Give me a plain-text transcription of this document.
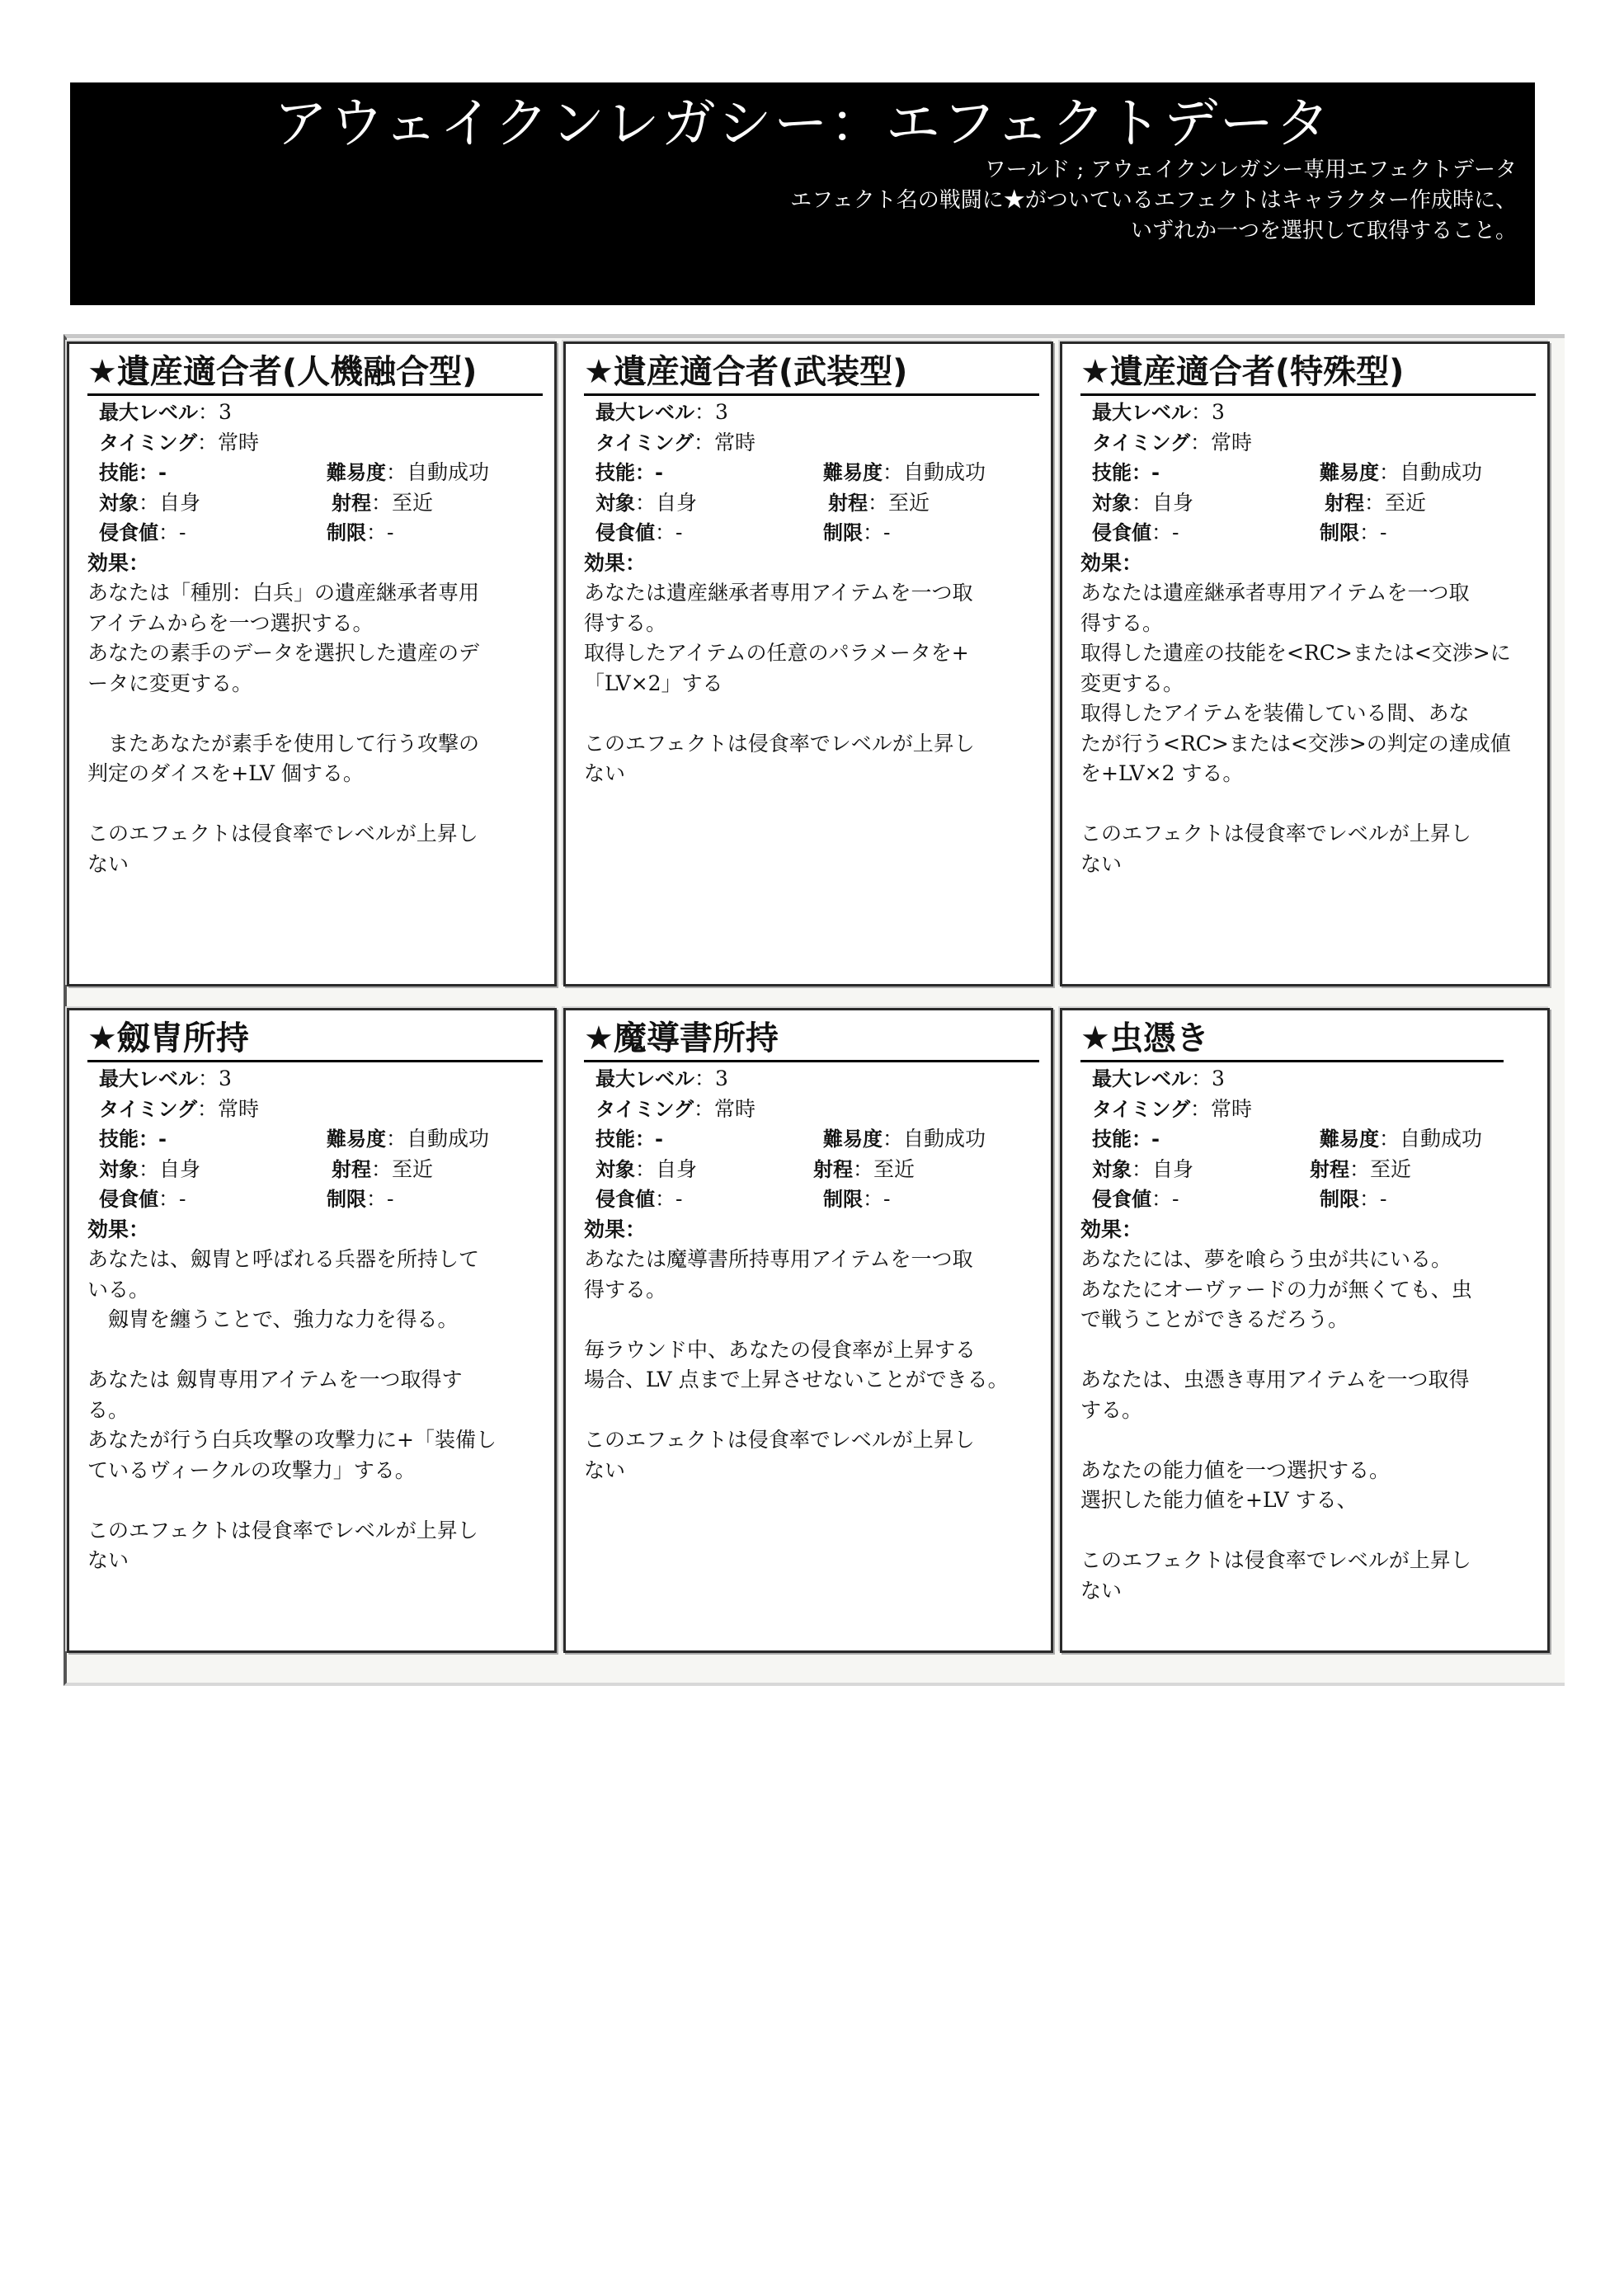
アウェイクンレガシー：エフェクトデータ
ワールド ; アウェイクンレガシー専用エフェクトデータ
エフェクト名の戦闘に★がついているエフェクトはキャラクター作成時に、
いずれか一つを選択して取得すること。
★遺産適合者(人機融合型)
最大レベル：3
タイミング：常時
技能：-	難易度：自動成功
対象：自身	射程：至近
侵食値：-	制限：-
効果：
あなたは「種別：白兵」の遺産継承者専用
アイテムからを一つ選択する。
あなたの素手のデータを選択した遺産のデ
ータに変更する。
　またあなたが素手を使用して行う攻撃の
判定のダイスを+LV 個する。
このエフェクトは侵食率でレベルが上昇し
ない
★遺産適合者(武装型)
最大レベル：3
タイミング：常時
技能：-	難易度：自動成功
対象：自身	射程：至近
侵食値：-	制限：-
効果：
あなたは遺産継承者専用アイテムを一つ取
得する。
取得したアイテムの任意のパラメータを+
「LV×2」する
このエフェクトは侵食率でレベルが上昇し
ない
★遺産適合者(特殊型)
最大レベル：3
タイミング：常時
技能：-	難易度：自動成功
対象：自身	射程：至近
侵食値：-	制限：-
効果：
あなたは遺産継承者専用アイテムを一つ取
得する。
取得した遺産の技能を<RC>または<交渉>に
変更する。
取得したアイテムを装備している間、あな
たが行う<RC>または<交渉>の判定の達成値
を+LV×2 する。
このエフェクトは侵食率でレベルが上昇し
ない
★劔冑所持
最大レベル：3
タイミング：常時
技能：-	難易度：自動成功
対象：自身	射程：至近
侵食値：-	制限：-
効果：
あなたは、劔冑と呼ばれる兵器を所持して
いる。
　劔冑を纏うことで、強力な力を得る。
あなたは 劔冑専用アイテムを一つ取得す
る。
あなたが行う白兵攻撃の攻撃力に+「装備し
ているヴィークルの攻撃力」する。
このエフェクトは侵食率でレベルが上昇し
ない
★魔導書所持
最大レベル：3
タイミング：常時
技能：-	難易度：自動成功
対象：自身	射程：至近
侵食値：-	制限：-
効果：
あなたは魔導書所持専用アイテムを一つ取
得する。
毎ラウンド中、あなたの侵食率が上昇する
場合、LV 点まで上昇させないことができる。
このエフェクトは侵食率でレベルが上昇し
ない
★虫憑き
最大レベル：3
タイミング：常時
技能：-	難易度：自動成功
対象：自身	射程：至近
侵食値：-	制限：-
効果：
あなたには、夢を喰らう虫が共にいる。
あなたにオーヴァードの力が無くても、虫
で戦うことができるだろう。
あなたは、虫憑き専用アイテムを一つ取得
する。
あなたの能力値を一つ選択する。
選択した能力値を+LV する、
このエフェクトは侵食率でレベルが上昇し
ない
